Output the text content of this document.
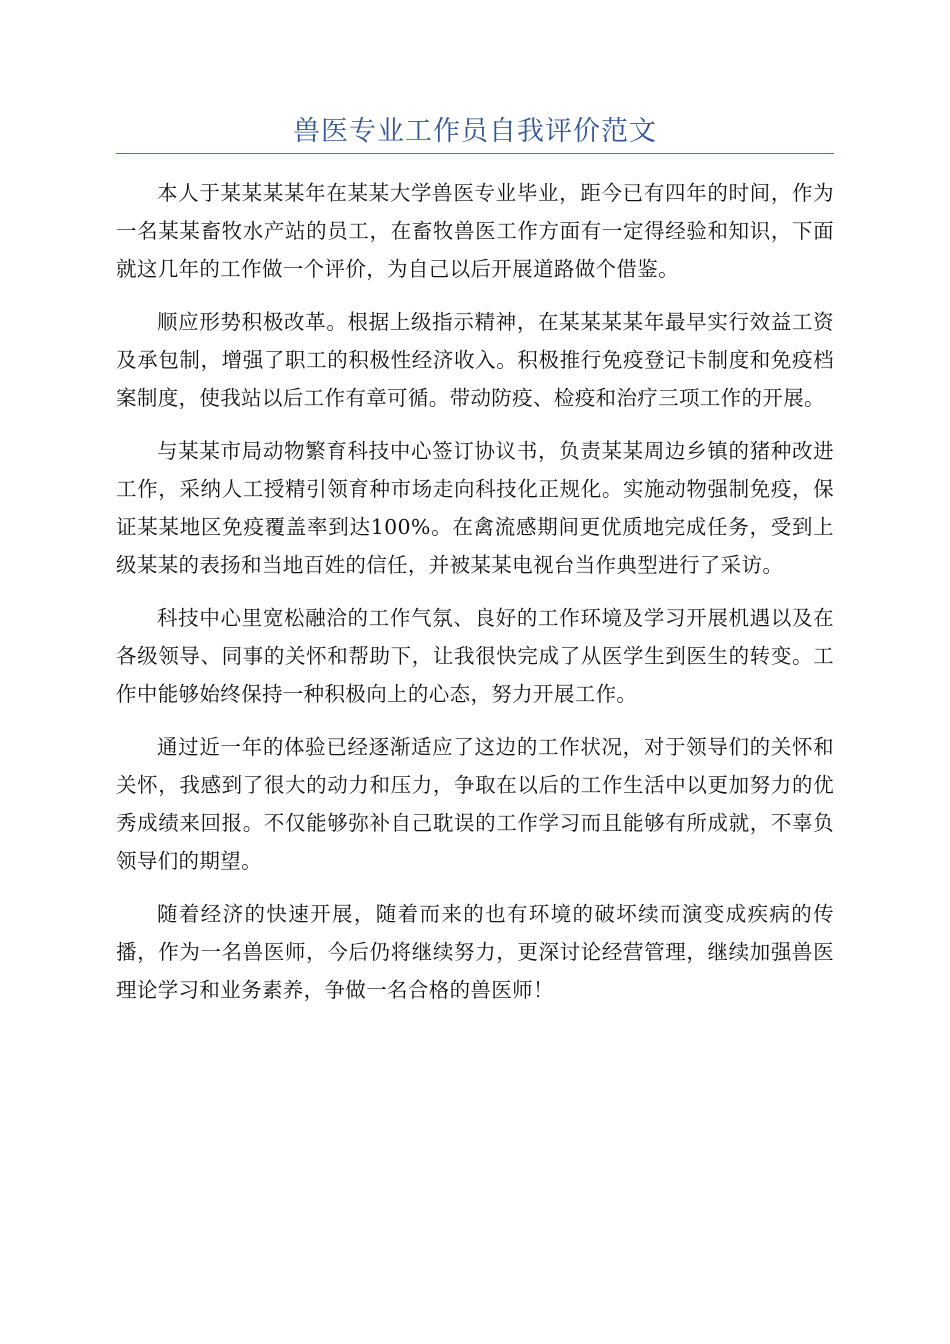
兽医专业工作员自我评价范文

本人于某某某某年在某某大学兽医专业毕业，距今已有四年的时间，作为一名某某畜牧水产站的员工，在畜牧兽医工作方面有一定得经验和知识，下面就这几年的工作做一个评价，为自己以后开展道路做个借鉴。

顺应形势积极改革。根据上级指示精神，在某某某某年最早实行效益工资及承包制，增强了职工的积极性经济收入。积极推行免疫登记卡制度和免疫档案制度，使我站以后工作有章可循。带动防疫、检疫和治疗三项工作的开展。

与某某市局动物繁育科技中心签订协议书，负责某某周边乡镇的猪种改进工作，采纳人工授精引领育种市场走向科技化正规化。实施动物强制免疫，保证某某地区免疫覆盖率到达100%。在禽流感期间更优质地完成任务，受到上级某某的表扬和当地百姓的信任，并被某某电视台当作典型进行了采访。

科技中心里宽松融洽的工作气氛、良好的工作环境及学习开展机遇以及在各级领导、同事的关怀和帮助下，让我很快完成了从医学生到医生的转变。工作中能够始终保持一种积极向上的心态，努力开展工作。

通过近一年的体验已经逐渐适应了这边的工作状况，对于领导们的关怀和关怀，我感到了很大的动力和压力，争取在以后的工作生活中以更加努力的优秀成绩来回报。不仅能够弥补自己耽误的工作学习而且能够有所成就，不辜负领导们的期望。

随着经济的快速开展，随着而来的也有环境的破坏续而演变成疾病的传播，作为一名兽医师，今后仍将继续努力，更深讨论经营管理，继续加强兽医理论学习和业务素养，争做一名合格的兽医师！
